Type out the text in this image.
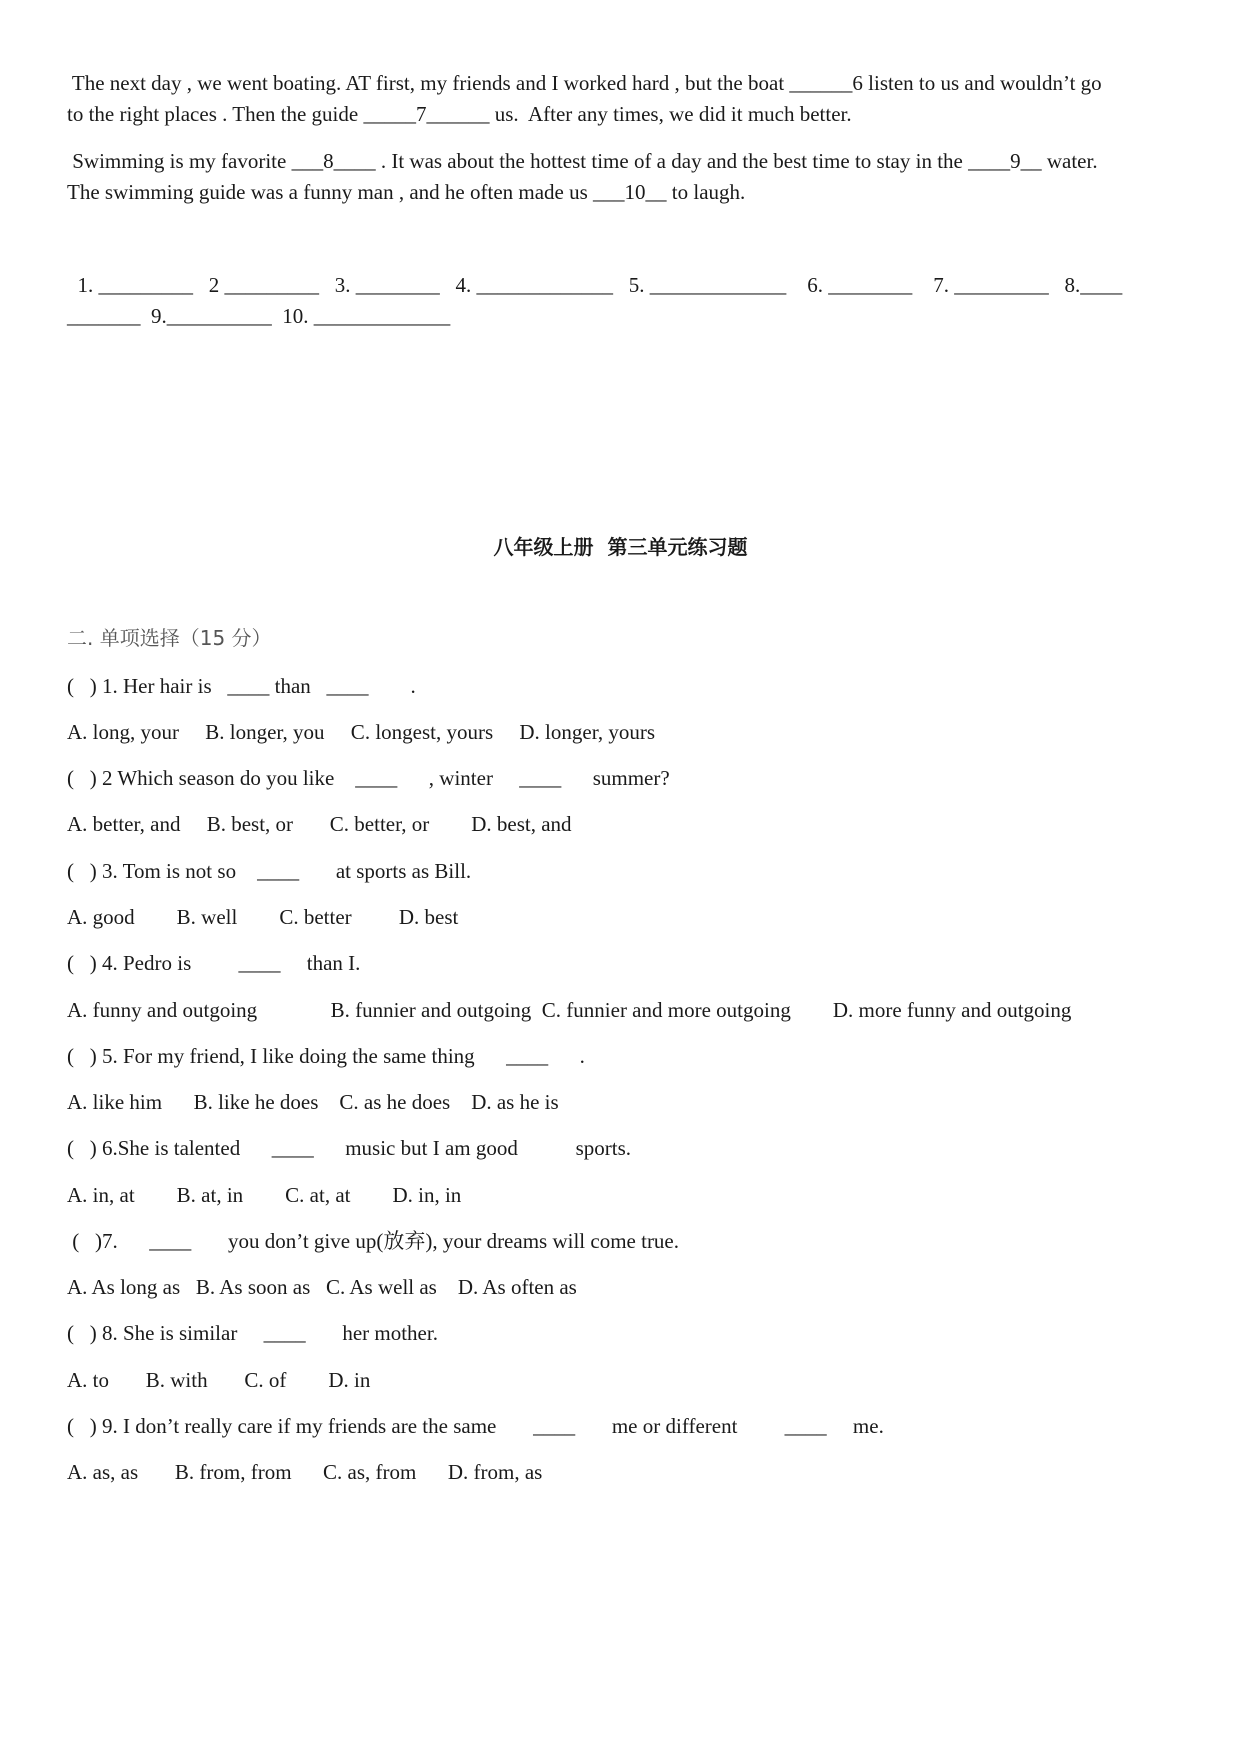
The next day , we went boating. AT first, my friends and I worked hard , but the boat ______6 listen to us and wouldn’t go
to the right places . Then the guide _____7______ us.  After any times, we did it much better.
Swimming is my favorite ___8____ . It was about the hottest time of a day and the best time to stay in the ____9__ water.
The swimming guide was a funny man , and he often made us ___10__ to laugh.
1. _________   2 _________   3. ________   4. _____________   5. _____________    6. ________    7. _________   8.____
_______  9.__________  10. _____________
八年级上册  第三单元练习题
二. 单项选择（15 分）
(   ) 1. Her hair is   ____ than   ____        .
A. long, your     B. longer, you     C. longest, yours     D. longer, yours
(   ) 2 Which season do you like    ____      , winter     ____      summer?
A. better, and     B. best, or       C. better, or        D. best, and
(   ) 3. Tom is not so    ____       at sports as Bill.
A. good        B. well        C. better         D. best
(   ) 4. Pedro is         ____     than I.
A. funny and outgoing              B. funnier and outgoing  C. funnier and more outgoing        D. more funny and outgoing
(   ) 5. For my friend, I like doing the same thing      ____      .
A. like him      B. like he does    C. as he does    D. as he is
(   ) 6.She is talented      ____      music but I am good           sports.
A. in, at        B. at, in        C. at, at        D. in, in
(   )7.      ____       you don’t give up(放弃), your dreams will come true.
A. As long as   B. As soon as   C. As well as    D. As often as
(   ) 8. She is similar     ____       her mother.
A. to       B. with       C. of        D. in
(   ) 9. I don’t really care if my friends are the same       ____       me or different         ____     me.
A. as, as       B. from, from      C. as, from      D. from, as
